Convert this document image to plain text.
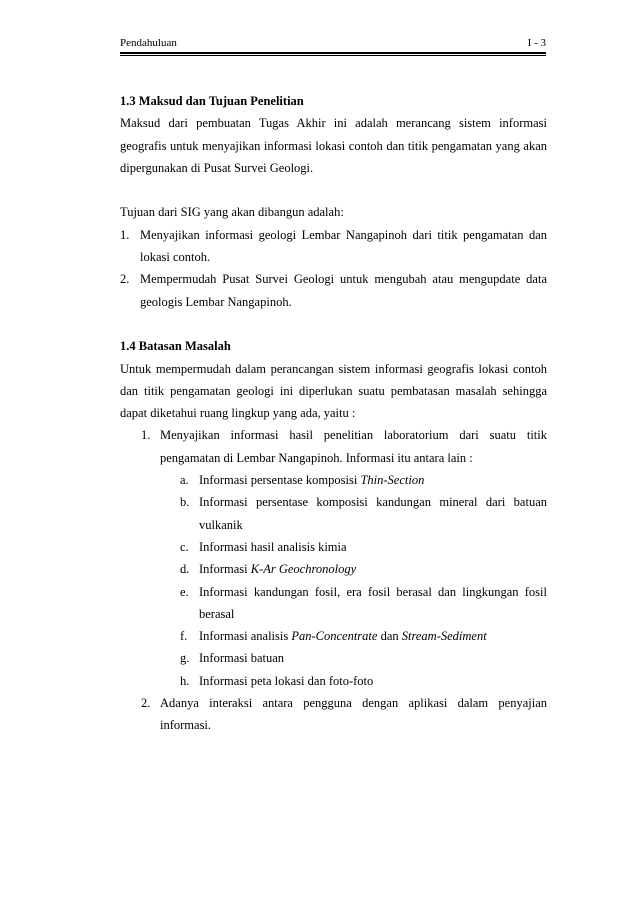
Pendahuluan	I - 3

1.3 Maksud dan Tujuan Penelitian

Maksud dari pembuatan Tugas Akhir ini adalah merancang sistem informasi geografis untuk menyajikan informasi lokasi contoh dan titik pengamatan yang akan dipergunakan di Pusat Survei Geologi.

Tujuan dari SIG yang akan dibangun adalah:

1. Menyajikan informasi geologi Lembar Nangapinoh dari titik pengamatan dan lokasi contoh.
2. Mempermudah Pusat Survei Geologi untuk mengubah atau mengupdate data geologis Lembar Nangapinoh.

1.4 Batasan Masalah

Untuk mempermudah dalam perancangan sistem informasi geografis lokasi contoh dan titik pengamatan geologi ini diperlukan suatu pembatasan masalah sehingga dapat diketahui ruang lingkup yang ada, yaitu :

1. Menyajikan informasi hasil penelitian laboratorium dari suatu titik pengamatan di Lembar Nangapinoh. Informasi itu antara lain :
a. Informasi persentase komposisi Thin-Section
b. Informasi persentase komposisi kandungan mineral dari batuan vulkanik
c. Informasi hasil analisis kimia
d. Informasi K-Ar Geochronology
e. Informasi kandungan fosil, era fosil berasal dan lingkungan fosil berasal
f. Informasi analisis Pan-Concentrate dan Stream-Sediment
g. Informasi batuan
h. Informasi peta lokasi dan foto-foto
2. Adanya interaksi antara pengguna dengan aplikasi dalam penyajian informasi.
